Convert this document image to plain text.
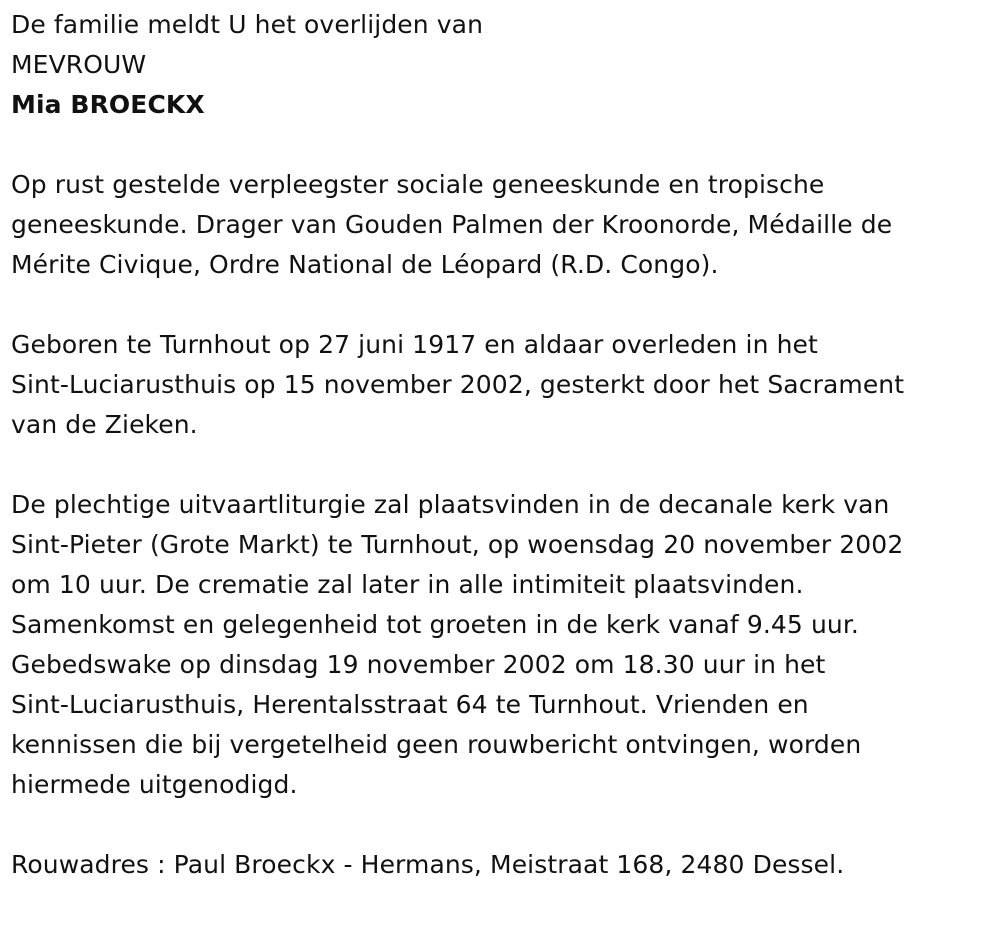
De familie meldt U het overlijden van

MEVROUW

Mia BROECKX

Op rust gestelde verpleegster sociale geneeskunde en tropische
geneeskunde. Drager van Gouden Palmen der Kroonorde, Médaille de
Mérite Civique, Ordre National de Léopard (R.D. Congo).

Geboren te Turnhout op 27 juni 1917 en aldaar overleden in het
Sint-Luciarusthuis op 15 november 2002, gesterkt door het Sacrament
van de Zieken.

De plechtige uitvaartliturgie zal plaatsvinden in de decanale kerk van
Sint-Pieter (Grote Markt) te Turnhout, op woensdag 20 november 2002
om 10 uur. De crematie zal later in alle intimiteit plaatsvinden.
Samenkomst en gelegenheid tot groeten in de kerk vanaf 9.45 uur.
Gebedswake op dinsdag 19 november 2002 om 18.30 uur in het
Sint-Luciarusthuis, Herentalsstraat 64 te Turnhout. Vrienden en
kennissen die bij vergetelheid geen rouwbericht ontvingen, worden
hiermede uitgenodigd.

Rouwadres : Paul Broeckx - Hermans, Meistraat 168, 2480 Dessel.
